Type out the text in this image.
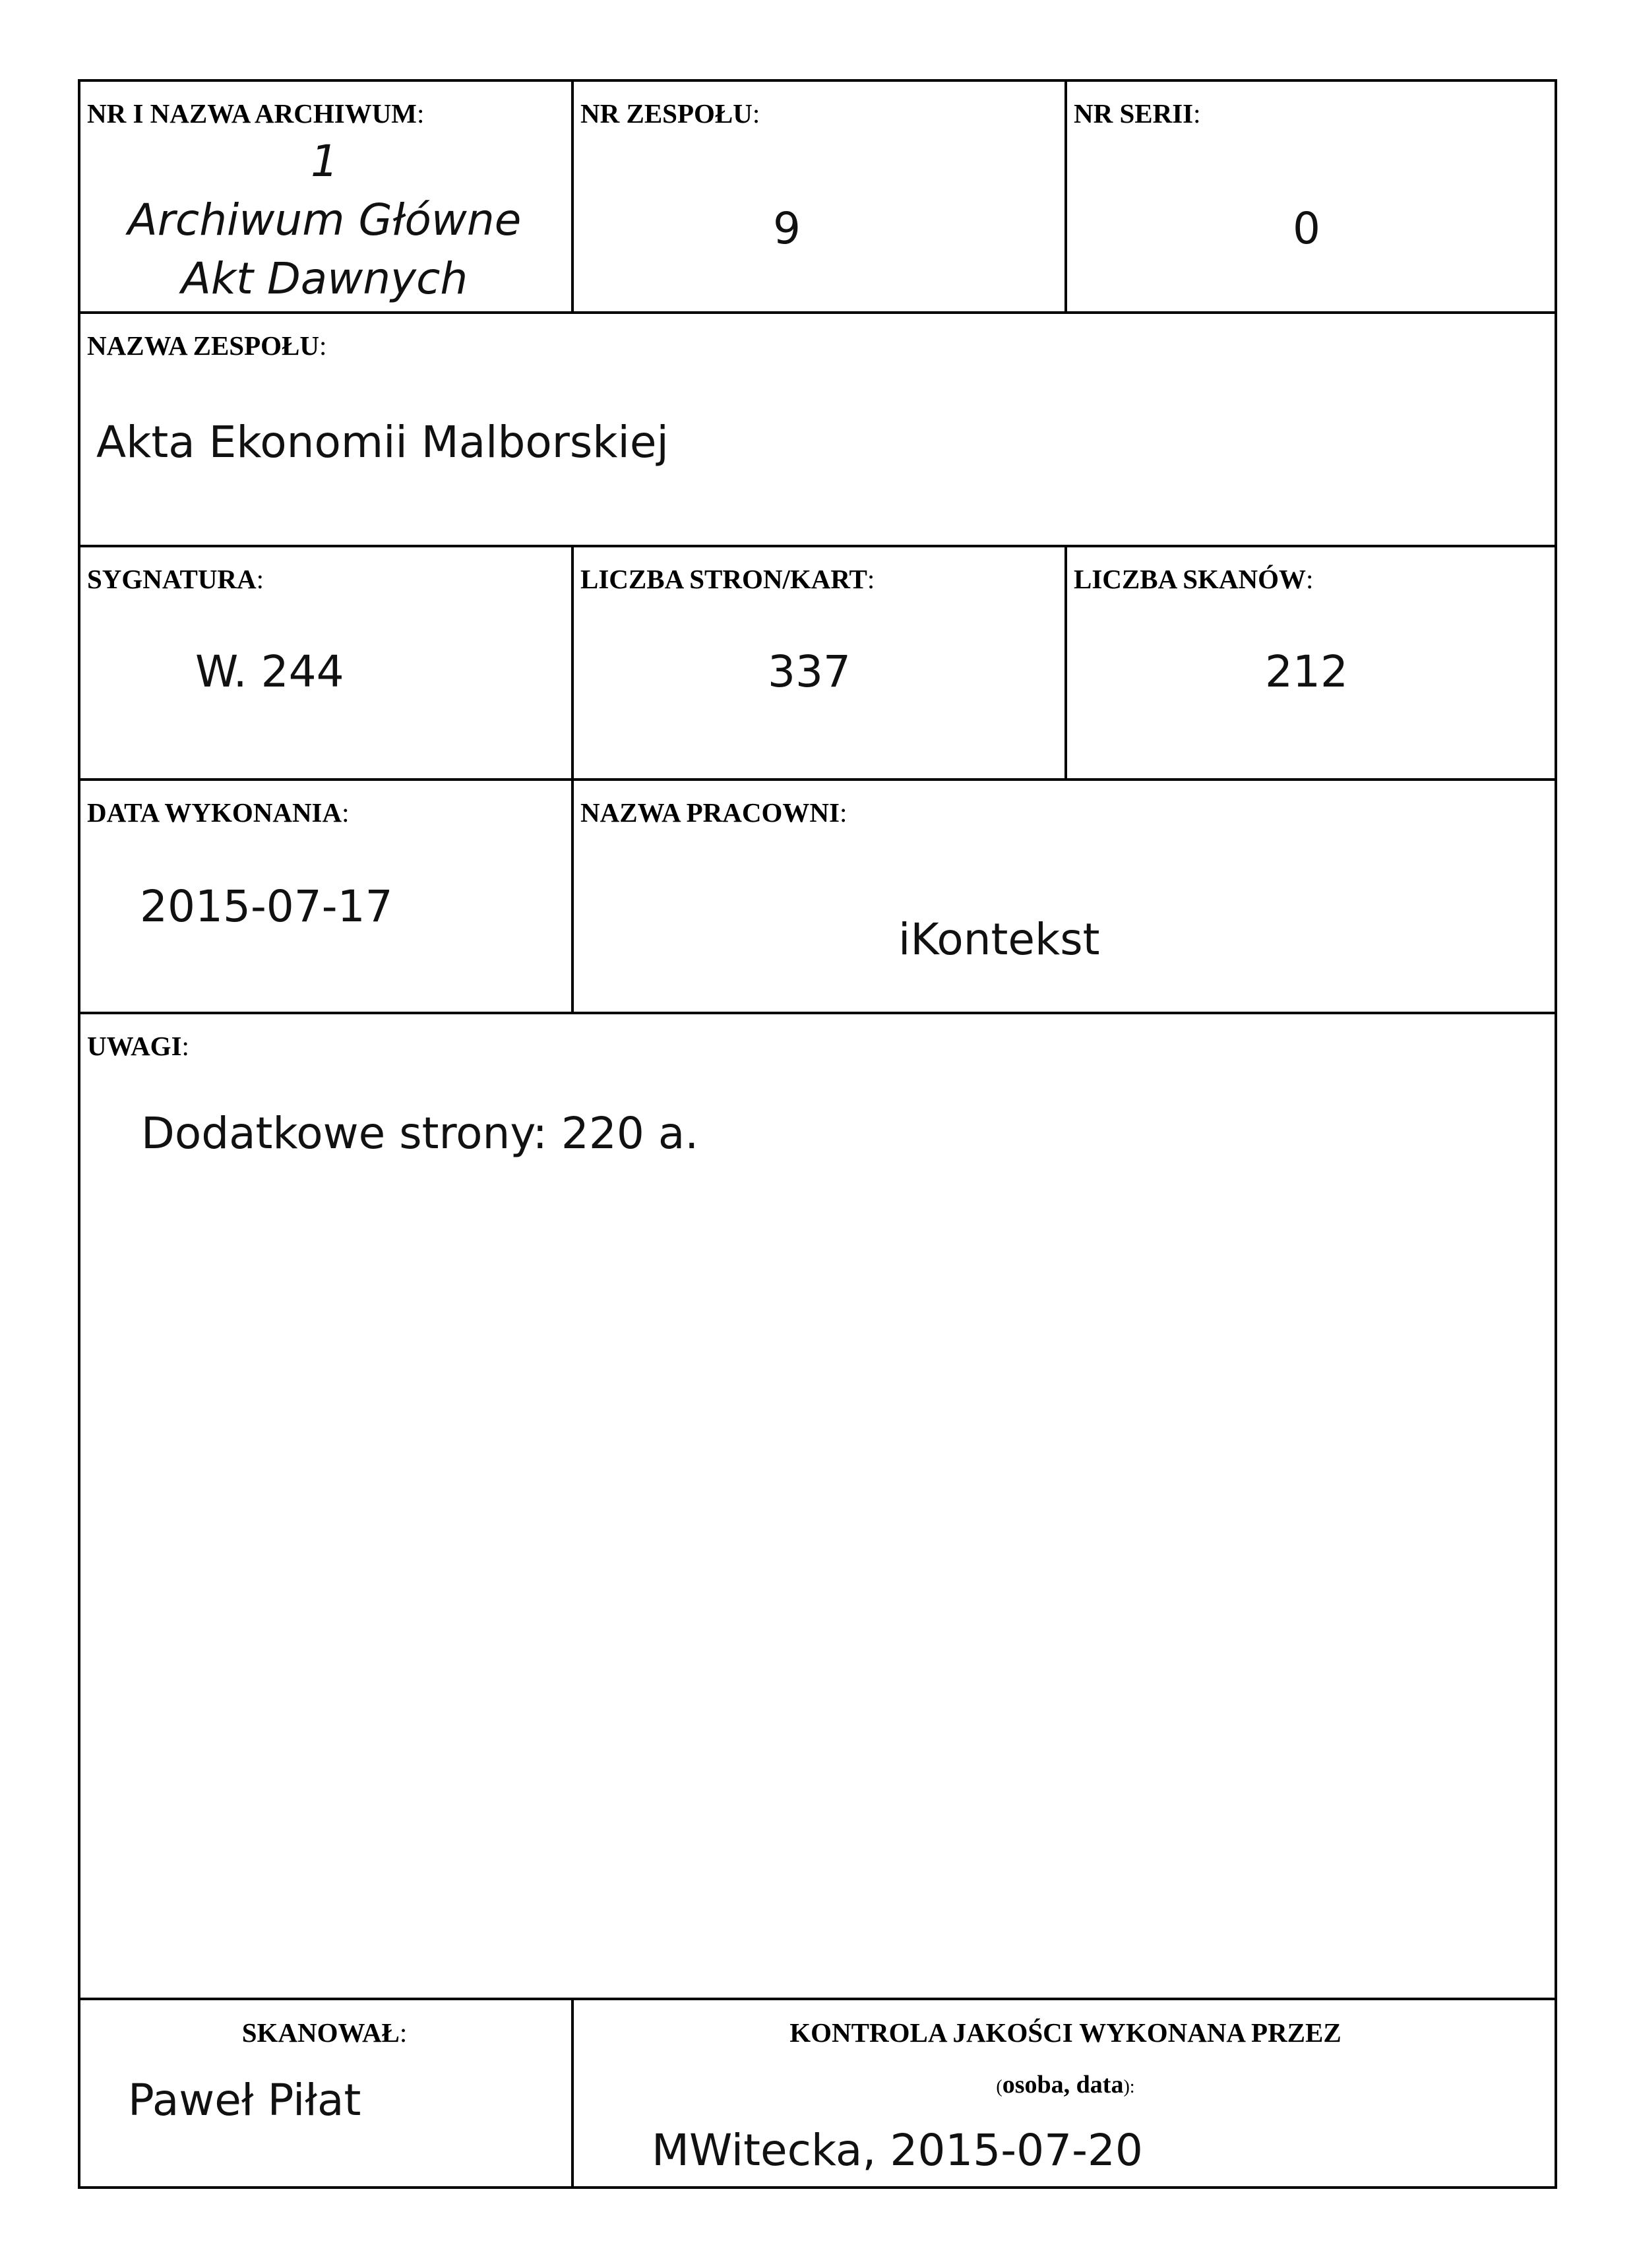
NR I NAZWA ARCHIWUM:
1
Archiwum Główne
Akt Dawnych
NR ZESPOŁU:
9
NR SERII:
0
NAZWA ZESPOŁU:
Akta Ekonomii Malborskiej
SYGNATURA:
W. 244
LICZBA STRON/KART:
337
LICZBA SKANÓW:
212
DATA WYKONANIA:
2015-07-17
NAZWA PRACOWNI:
iKontekst
UWAGI:
Dodatkowe strony: 220 a.
SKANOWAŁ:
Paweł Piłat
KONTROLA JAKOŚCI WYKONANA PRZEZ
(osoba, data):
MWitecka, 2015-07-20
